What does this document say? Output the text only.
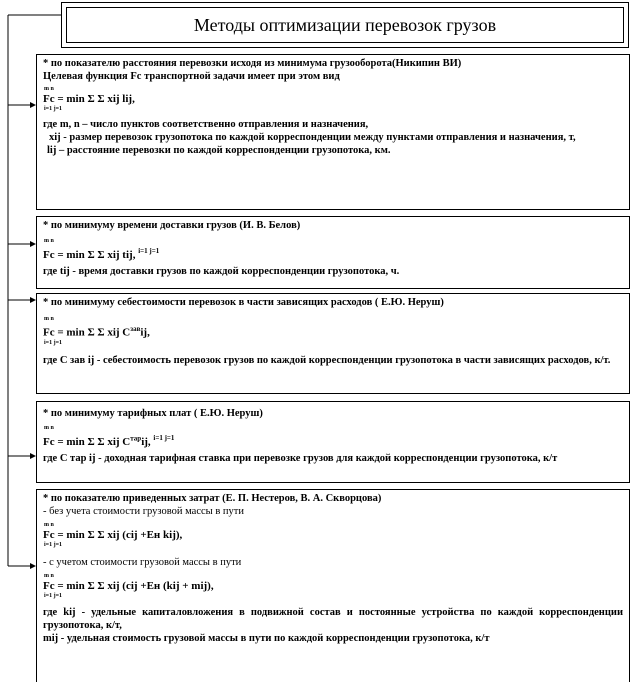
Методы оптимизации перевозок грузов
* по показателю расстояния перевозки исходя из минимума грузооборота(Никипин ВИ)
Целевая функция Fc транспортной задачи имеет при этом вид
m n
Fc = min Σ Σ xij lij,
i=1 j=1
где m, n – число пунктов соответственно отправления и назначения,
xij - размер перевозок грузопотока по каждой корреспонденции между пунктами отправления и назначения, т,
lij – расстояние перевозки по каждой корреспонденции грузопотока, км.
* по минимуму времени доставки грузов (И. В. Белов)
m n
Fc = min Σ Σ xij tij, $^{i=1 j=1}$
где tij - время доставки грузов по каждой корреспонденции грузопотока, ч.
* по минимуму себестоимости перевозок в части зависящих расходов ( Е.Ю. Неруш)
m n
Fc = min Σ Σ xij $C^{зав}ij$,
i=1 j=1
где C зав ij - себестоимость перевозок грузов по каждой корреспонденции грузопотока в части зависящих расходов, к/т.
* по минимуму тарифных плат ( Е.Ю. Неруш)
m n
Fc = min Σ Σ xij $C^{тар}ij$, $^{i=1 j=1}$
где C тар ij - доходная тарифная ставка при перевозке грузов для каждой корреспонденции грузопотока, к/т
* по показателю приведенных затрат (Е. П. Нестеров, В. А. Скворцова)
- без учета стоимости грузовой массы в пути
m n
Fc = min Σ Σ xij (cij +Ен kij),
i=1 j=1
- с учетом стоимости грузовой массы в пути
m n
Fc = min Σ Σ xij (cij +Ен (kij + mij),
i=1 j=1
где kij - удельные капиталовложения в подвижной состав и постоянные устройства по каждой корреспонденции грузопотока, к/т,
mij - удельная стоимость грузовой массы в пути по каждой корреспонденции грузопотока, к/т
